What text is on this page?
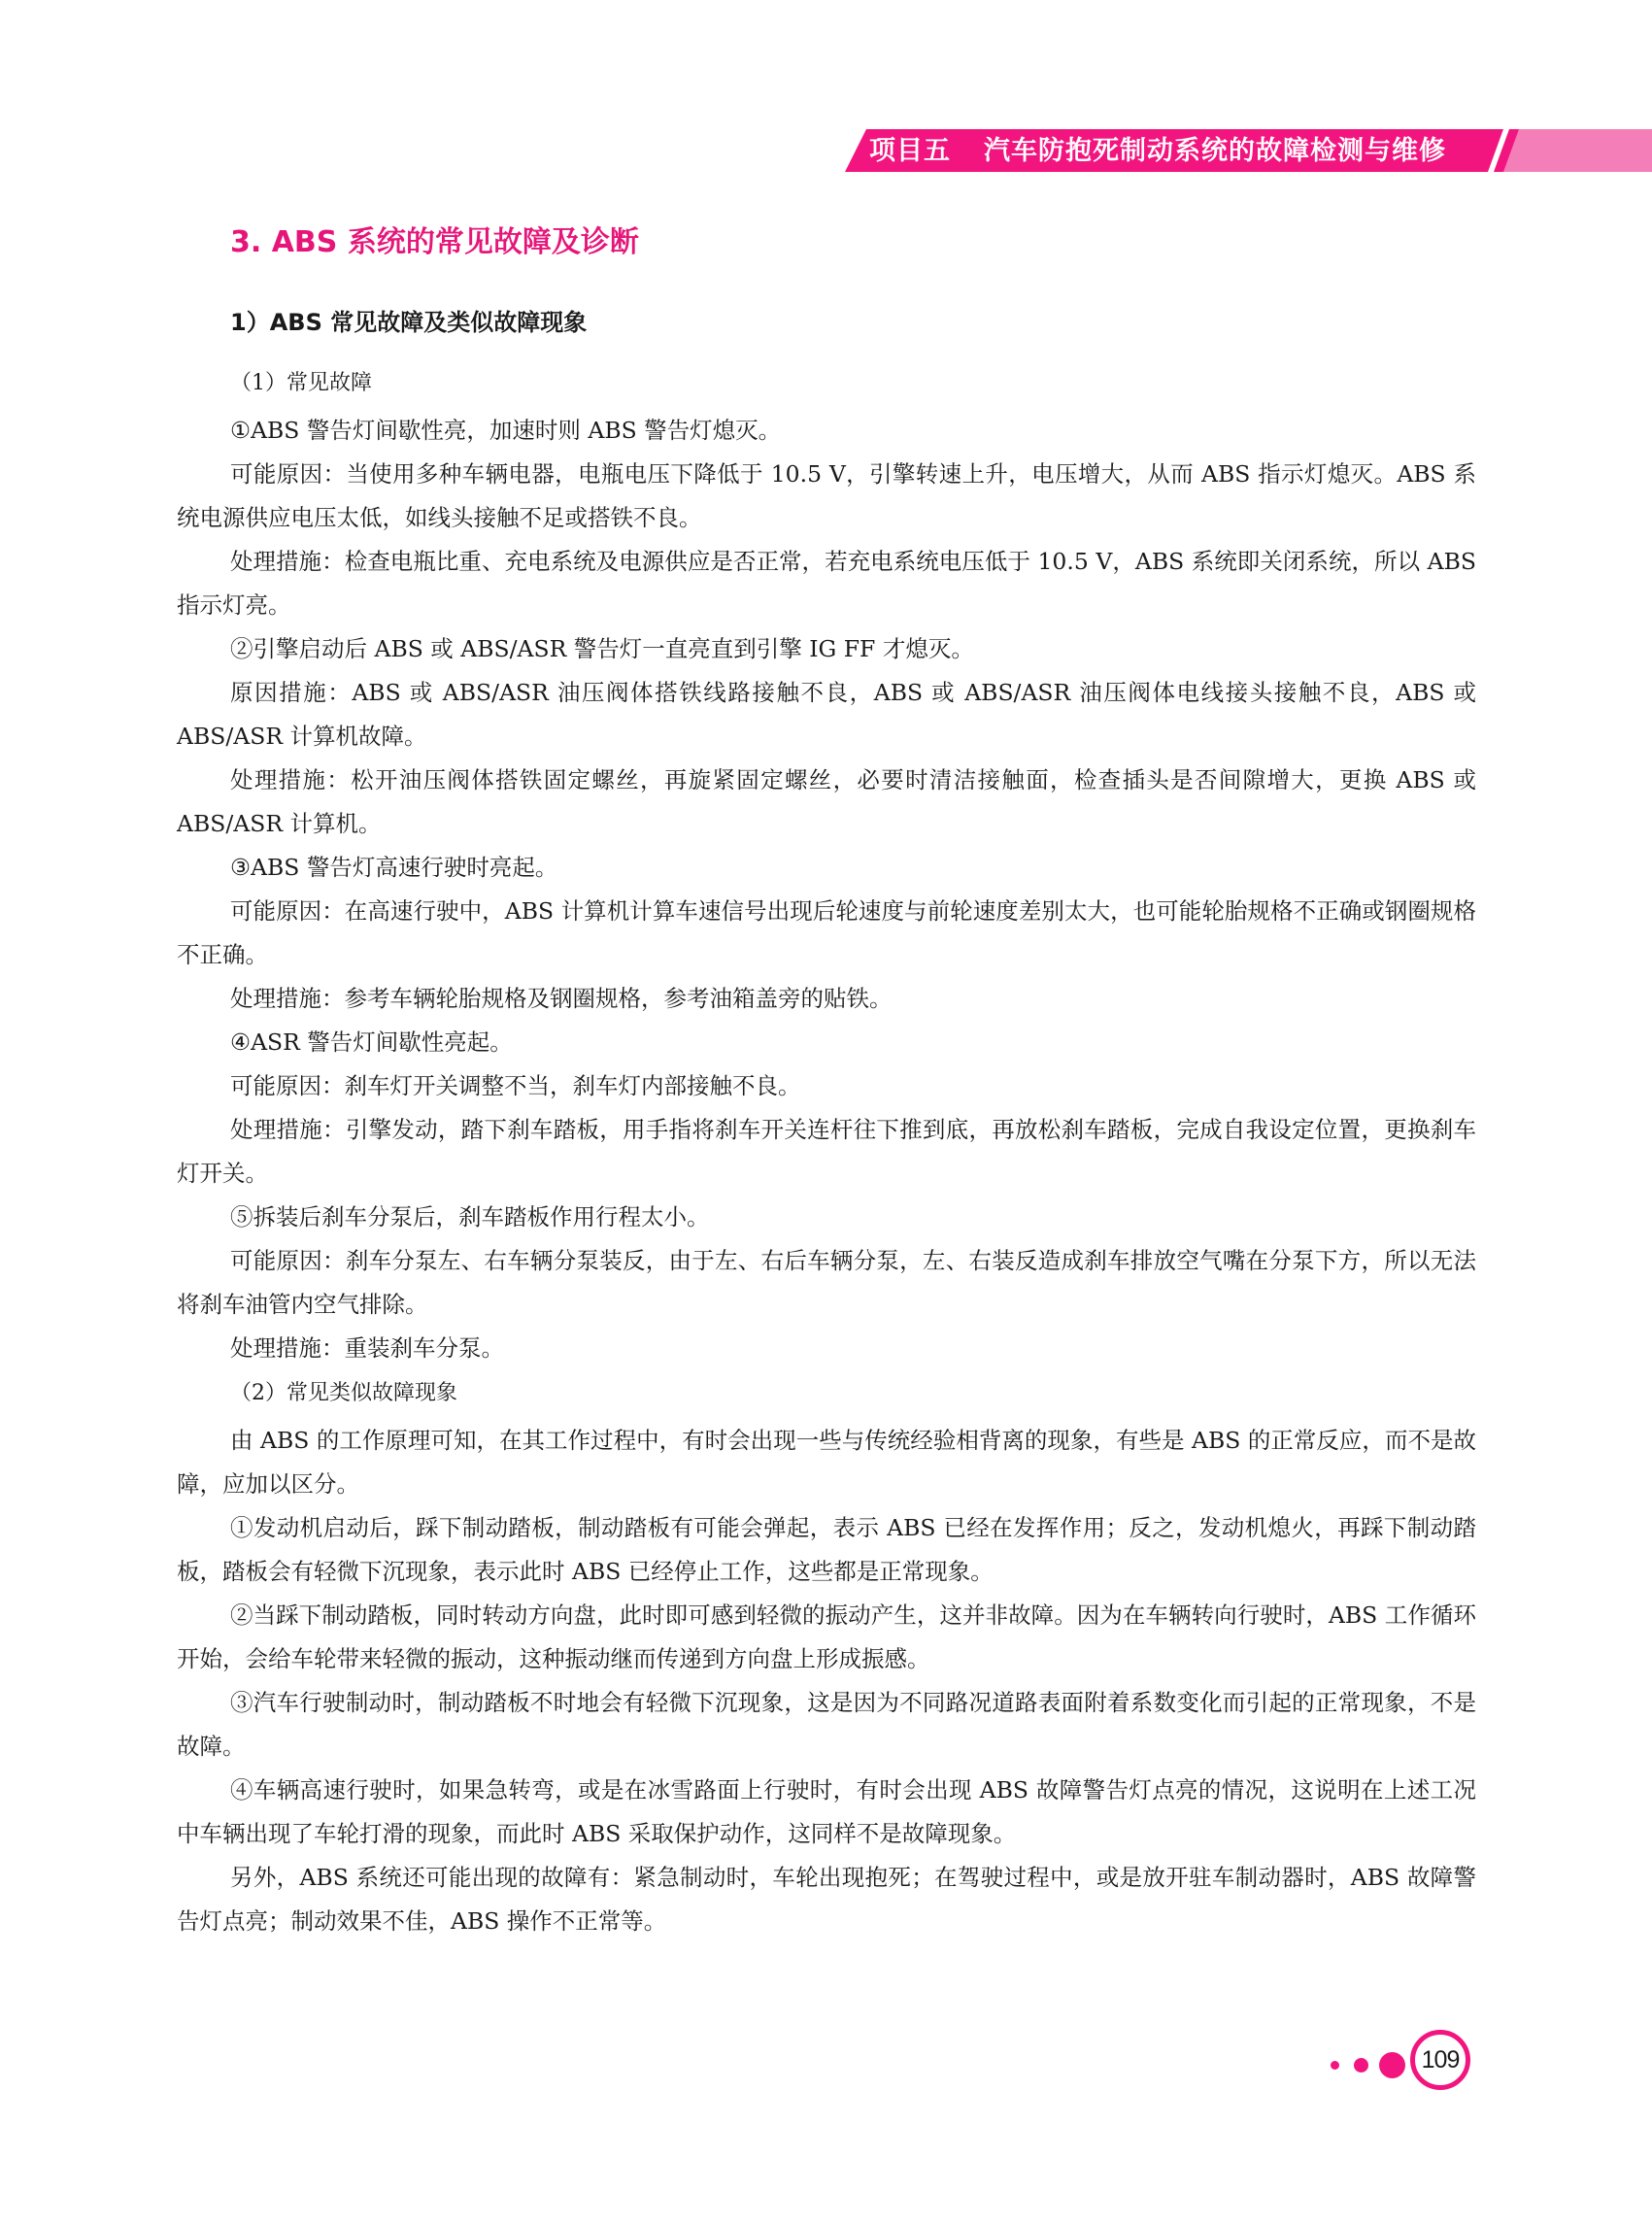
项目五 汽车防抱死制动系统的故障检测与维修
3. ABS 系统的常见故障及诊断
1）ABS 常见故障及类似故障现象
（1）常见故障

①ABS 警告灯间歇性亮，加速时则 ABS 警告灯熄灭。

可能原因：当使用多种车辆电器，电瓶电压下降低于 10.5 V，引擎转速上升，电压增大，从而 ABS 指示灯熄灭。ABS 系统电源供应电压太低，如线头接触不足或搭铁不良。

处理措施：检查电瓶比重、充电系统及电源供应是否正常，若充电系统电压低于 10.5 V，ABS 系统即关闭系统，所以 ABS 指示灯亮。

②引擎启动后 ABS 或 ABS/ASR 警告灯一直亮直到引擎 IG FF 才熄灭。

原因措施：ABS 或 ABS/ASR 油压阀体搭铁线路接触不良，ABS 或 ABS/ASR 油压阀体电线接头接触不良，ABS 或 ABS/ASR 计算机故障。

处理措施：松开油压阀体搭铁固定螺丝，再旋紧固定螺丝，必要时清洁接触面，检查插头是否间隙增大，更换 ABS 或 ABS/ASR 计算机。

③ABS 警告灯高速行驶时亮起。

可能原因：在高速行驶中，ABS 计算机计算车速信号出现后轮速度与前轮速度差别太大，也可能轮胎规格不正确或钢圈规格不正确。

处理措施：参考车辆轮胎规格及钢圈规格，参考油箱盖旁的贴铁。

④ASR 警告灯间歇性亮起。

可能原因：刹车灯开关调整不当，刹车灯内部接触不良。

处理措施：引擎发动，踏下刹车踏板，用手指将刹车开关连杆往下推到底，再放松刹车踏板，完成自我设定位置，更换刹车灯开关。

⑤拆装后刹车分泵后，刹车踏板作用行程太小。

可能原因：刹车分泵左、右车辆分泵装反，由于左、右后车辆分泵，左、右装反造成刹车排放空气嘴在分泵下方，所以无法将刹车油管内空气排除。

处理措施：重装刹车分泵。

（2）常见类似故障现象

由 ABS 的工作原理可知，在其工作过程中，有时会出现一些与传统经验相背离的现象，有些是 ABS 的正常反应，而不是故障，应加以区分。

①发动机启动后，踩下制动踏板，制动踏板有可能会弹起，表示 ABS 已经在发挥作用；反之，发动机熄火，再踩下制动踏板，踏板会有轻微下沉现象，表示此时 ABS 已经停止工作，这些都是正常现象。

②当踩下制动踏板，同时转动方向盘，此时即可感到轻微的振动产生，这并非故障。因为在车辆转向行驶时，ABS 工作循环开始，会给车轮带来轻微的振动，这种振动继而传递到方向盘上形成振感。

③汽车行驶制动时，制动踏板不时地会有轻微下沉现象，这是因为不同路况道路表面附着系数变化而引起的正常现象，不是故障。

④车辆高速行驶时，如果急转弯，或是在冰雪路面上行驶时，有时会出现 ABS 故障警告灯点亮的情况，这说明在上述工况中车辆出现了车轮打滑的现象，而此时 ABS 采取保护动作，这同样不是故障现象。

另外，ABS 系统还可能出现的故障有：紧急制动时，车轮出现抱死；在驾驶过程中，或是放开驻车制动器时，ABS 故障警告灯点亮；制动效果不佳，ABS 操作不正常等。

109
